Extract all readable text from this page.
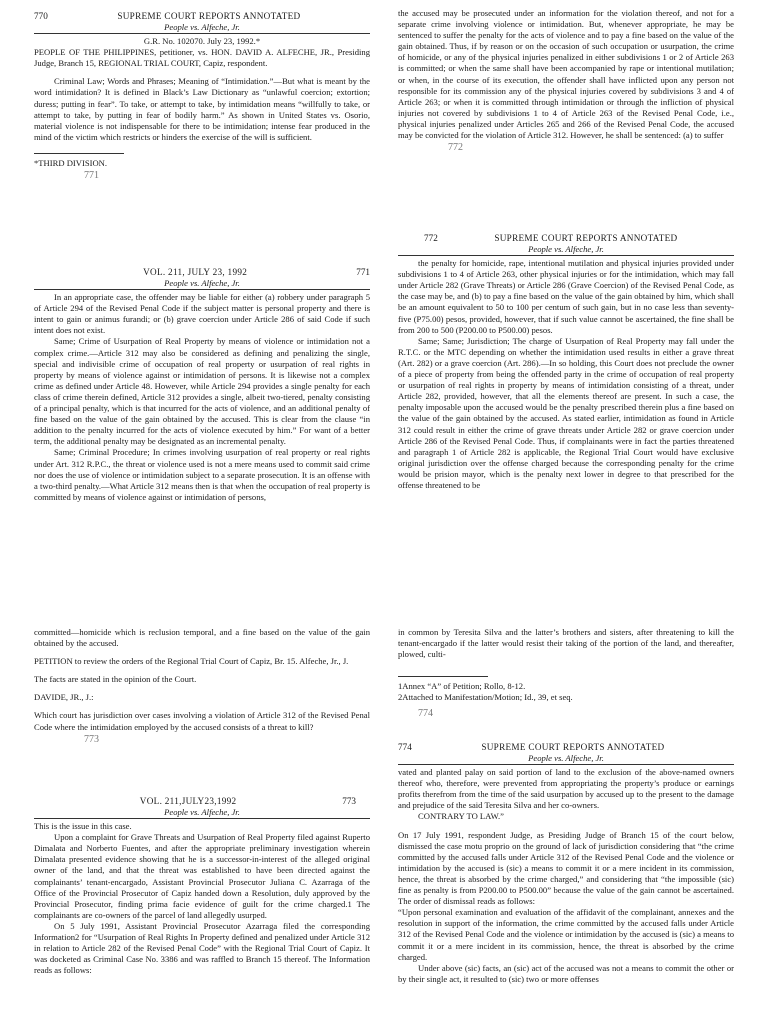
770	SUPREME COURT REPORTS ANNOTATED
People vs. Alfeche, Jr.
G.R. No. 102070. July 23, 1992.*

PEOPLE OF THE PHILIPPINES, petitioner, vs. HON. DAVID A. ALFECHE, JR., Presiding Judge, Branch 15, REGIONAL TRIAL COURT, Capiz, respondent.

Criminal Law; Words and Phrases; Meaning of “Intimidation.”—But what is meant by the word intimidation? It is defined in Black’s Law Dictionary as “unlawful coercion; extortion; duress; putting in fear”. To take, or attempt to take, by intimidation means “willfully to take, or attempt to take, by putting in fear of bodily harm.” As shown in United States vs. Osorio, material violence is not indispensable for there to be intimidation; intense fear produced in the mind of the victim which restricts or hinders the exercise of the will is sufficient.

*THIRD DIVISION.

771
VOL. 211, JULY 23, 1992	771
People vs. Alfeche, Jr.

In an appropriate case, the offender may be liable for either (a) robbery under paragraph 5 of Article 294 of the Revised Penal Code if the subject matter is personal property and there is intent to gain or animus furandi; or (b) grave coercion under Article 286 of said Code if such intent does not exist.

Same; Crime of Usurpation of Real Property by means of violence or intimidation not a complex crime.—Article 312 may also be considered as defining and penalizing the single, special and indivisible crime of occupation of real property or usurpation of real rights in property by means of violence against or intimidation of persons. It is likewise not a complex crime as defined under Article 48. However, while Article 294 provides a single penalty for each class of crime therein defined, Article 312 provides a single, albeit two-tiered, penalty consisting of a principal penalty, which is that incurred for the acts of violence, and an additional penalty of fine based on the value of the gain obtained by the accused. This is clear from the clause “in addition to the penalty incurred for the acts of violence executed by him.” For want of a better term, the additional penalty may be designated as an incremental penalty.

Same; Criminal Procedure; In crimes involving usurpation of real property or real rights under Art. 312 R.P.C., the threat or violence used is not a mere means used to commit said crime nor does the use of violence or intimidation subject to a separate prosecution. It is an offense with a two-third penalty.—What Article 312 means then is that when the occupation of real property is committed by means of violence against or intimidation of persons,

the accused may be prosecuted under an information for the violation thereof, and not for a separate crime involving violence or intimidation. But, whenever appropriate, he may be sentenced to suffer the penalty for the acts of violence and to pay a fine based on the value of the gain obtained. Thus, if by reason or on the occasion of such occupation or usurpation, the crime of homicide, or any of the physical injuries penalized in either subdivisions 1 or 2 of Article 263 is committed; or when the same shall have been accompanied by rape or intentional mutilation; or when, in the course of its execution, the offender shall have inflicted upon any person not responsible for its commission any of the physical injuries covered by subdivisions 3 and 4 of Article 263; or when it is committed through intimidation or through the infliction of physical injuries not covered by subdivisions 1 to 4 of Article 263 of the Revised Penal Code, i.e., physical injuries penalized under Articles 265 and 266 of the Revised Penal Code, the accused may be convicted for the violation of Article 312. However, he shall be sentenced: (a) to suffer

772
772	SUPREME COURT REPORTS ANNOTATED
People vs. Alfeche, Jr.

the penalty for homicide, rape, intentional mutilation and physical injuries provided under subdivisions 1 to 4 of Article 263, other physical injuries or for the intimidation, which may fall under Article 282 (Grave Threats) or Article 286 (Grave Coercion) of the Revised Penal Code, as the case may be, and (b) to pay a fine based on the value of the gain obtained by him, which shall be an amount equivalent to 50 to 100 per centum of such gain, but in no case less than seventy-five (P75.00) pesos, provided, however, that if such value cannot be ascertained, the fine shall be from 200 to 500 (P200.00 to P500.00) pesos.

Same; Same; Jurisdiction; The charge of Usurpation of Real Property may fall under the R.T.C. or the MTC depending on whether the intimidation used results in either a grave threat (Art. 282) or a grave coercion (Art. 286).—In so holding, this Court does not preclude the owner of a piece of property from being the offended party in the crime of occupation of real property or usurpation of real rights in property by means of intimidation consisting of a threat, under Article 282, provided, however, that all the elements thereof are present. In such a case, the penalty imposable upon the accused would be the penalty prescribed therein plus a fine based on the value of the gain obtained by the accused. As stated earlier, intimidation as found in Article 312 could result in either the crime of grave threats under Article 282 or grave coercion under Article 286 of the Revised Penal Code. Thus, if complainants were in fact the parties threatened and paragraph 1 of Article 282 is applicable, the Regional Trial Court would have exclusive original jurisdiction over the offense charged because the corresponding penalty for the crime would be prision mayor, which is the penalty next lower in degree to that prescribed for the offense threatened to be

committed—homicide which is reclusion temporal, and a fine based on the value of the gain obtained by the accused.

PETITION to review the orders of the Regional Trial Court of Capiz, Br. 15. Alfeche, Jr., J.

The facts are stated in the opinion of the Court.

DAVIDE, JR., J.:

Which court has jurisdiction over cases involving a violation of Article 312 of the Revised Penal Code where the intimidation employed by the accused consists of a threat to kill?

773
VOL. 211,JULY23,1992	773
People vs. Alfeche, Jr.

This is the issue in this case.

Upon a complaint for Grave Threats and Usurpation of Real Property filed against Ruperto Dimalata and Norberto Fuentes, and after the appropriate preliminary investigation wherein Dimalata presented evidence showing that he is a successor-in-interest of the alleged original owner of the land, and that the threat was established to have been directed against the complainants’ tenant-encargado, Assistant Provincial Prosecutor Juliana C. Azarraga of the Office of the Provincial Prosecutor of Capiz handed down a Resolution, duly approved by the Provincial Prosecutor, finding prima facie evidence of guilt for the crime charged.1 The complainants are co-owners of the parcel of land allegedly usurped.

On 5 July 1991, Assistant Provincial Prosecutor Azarraga filed the corresponding Information2 for “Usurpation of Real Rights In Property defined and penalized under Article 312 in relation to Article 282 of the Revised Penal Code” with the Regional Trial Court of Capiz. It was docketed as Criminal Case No. 3386 and was raffled to Branch 15 thereof. The Information reads as follows:

in common by Teresita Silva and the latter’s brothers and sisters, after threatening to kill the tenant-encargado if the latter would resist their taking of the portion of the land, and thereafter, plowed, culti-

1Annex “A” of Petition; Rollo, 8-12.

2Attached to Manifestation/Motion; Id., 39, et seq.

774
774	SUPREME COURT REPORTS ANNOTATED
People vs. Alfeche, Jr.

vated and planted palay on said portion of land to the exclusion of the above-named owners thereof who, therefore, were prevented from appropriating the property’s produce or earnings profits therefrom from the time of the said usurpation by accused up to the present to the damage and prejudice of the said Teresita Silva and her co-owners.

CONTRARY TO LAW.”

On 17 July 1991, respondent Judge, as Presiding Judge of Branch 15 of the court below, dismissed the case motu proprio on the ground of lack of jurisdiction considering that “the crime committed by the accused falls under Article 312 of the Revised Penal Code and the violence or intimidation by the accused is (sic) a means to commit it or a mere incident in its commission, hence, the threat is absorbed by the crime charged,” and considering that “the impossible (sic) fine as penalty is from P200.00 to P500.00” because the value of the gain cannot be ascertained. The order of dismissal reads as follows:

“Upon personal examination and evaluation of the affidavit of the complainant, annexes and the resolution in support of the information, the crime committed by the accused falls under Article 312 of the Revised Penal Code and the violence or intimidation by the accused is (sic) a means to commit it or a mere incident in its commission, hence, the threat is absorbed by the crime charged.

Under above (sic) facts, an (sic) act of the accused was not a means to commit the other or by their single act, it resulted to (sic) two or more offenses
